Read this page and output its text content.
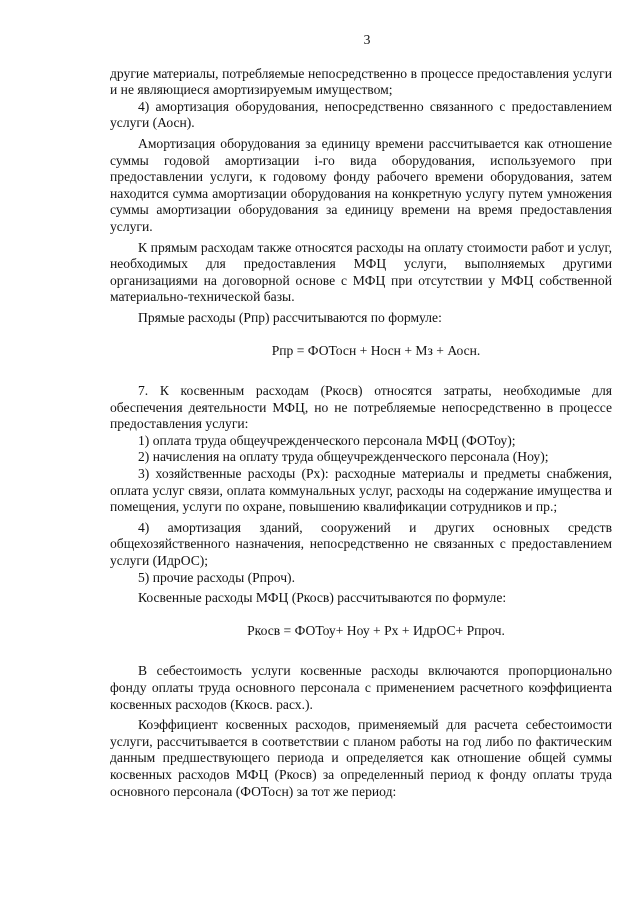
3

другие материалы, потребляемые непосредственно в процессе предоставления услуги и не являющиеся амортизируемым имуществом;

4) амортизация оборудования, непосредственно связанного с предоставлением услуги (Аосн).

Амортизация оборудования за единицу времени рассчитывается как отношение суммы годовой амортизации i-го вида оборудования, используемого при предоставлении услуги, к годовому фонду рабочего времени оборудования, затем находится сумма амортизации оборудования на конкретную услугу путем умножения суммы амортизации оборудования за единицу времени на время предоставления услуги.

К прямым расходам также относятся расходы на оплату стоимости работ и услуг, необходимых для предоставления МФЦ услуги, выполняемых другими организациями на договорной основе с МФЦ при отсутствии у МФЦ собственной материально-технической базы.

Прямые расходы (Рпр) рассчитываются по формуле:

Рпр = ФОТосн + Носн + Мз + Аосн.

7. К косвенным расходам (Ркосв) относятся затраты, необходимые для обеспечения деятельности МФЦ, но не потребляемые непосредственно в процессе предоставления услуги:

1) оплата труда общеучрежденческого персонала МФЦ (ФОТоу);

2) начисления на оплату труда общеучрежденческого персонала (Ноу);

3) хозяйственные расходы (Рх): расходные материалы и предметы снабжения, оплата услуг связи, оплата коммунальных услуг, расходы на содержание имущества и помещения, услуги по охране, повышению квалификации сотрудников и пр.;

4) амортизация зданий, сооружений и других основных средств общехозяйственного назначения, непосредственно не связанных с предоставлением услуги (ИдрОС);

5) прочие расходы (Рпроч).

Косвенные расходы МФЦ (Ркосв) рассчитываются по формуле:

Ркосв = ФОТоу+ Ноу + Рх + ИдрОС+ Рпроч.

В себестоимость услуги косвенные расходы включаются пропорционально фонду оплаты труда основного персонала с применением расчетного коэффициента косвенных расходов (Ккосв. расх.).

Коэффициент косвенных расходов, применяемый для расчета себестоимости услуги, рассчитывается в соответствии с планом работы на год либо по фактическим данным предшествующего периода и определяется как отношение общей суммы косвенных расходов МФЦ (Ркосв) за определенный период к фонду оплаты труда основного персонала (ФОТосн) за тот же период:
